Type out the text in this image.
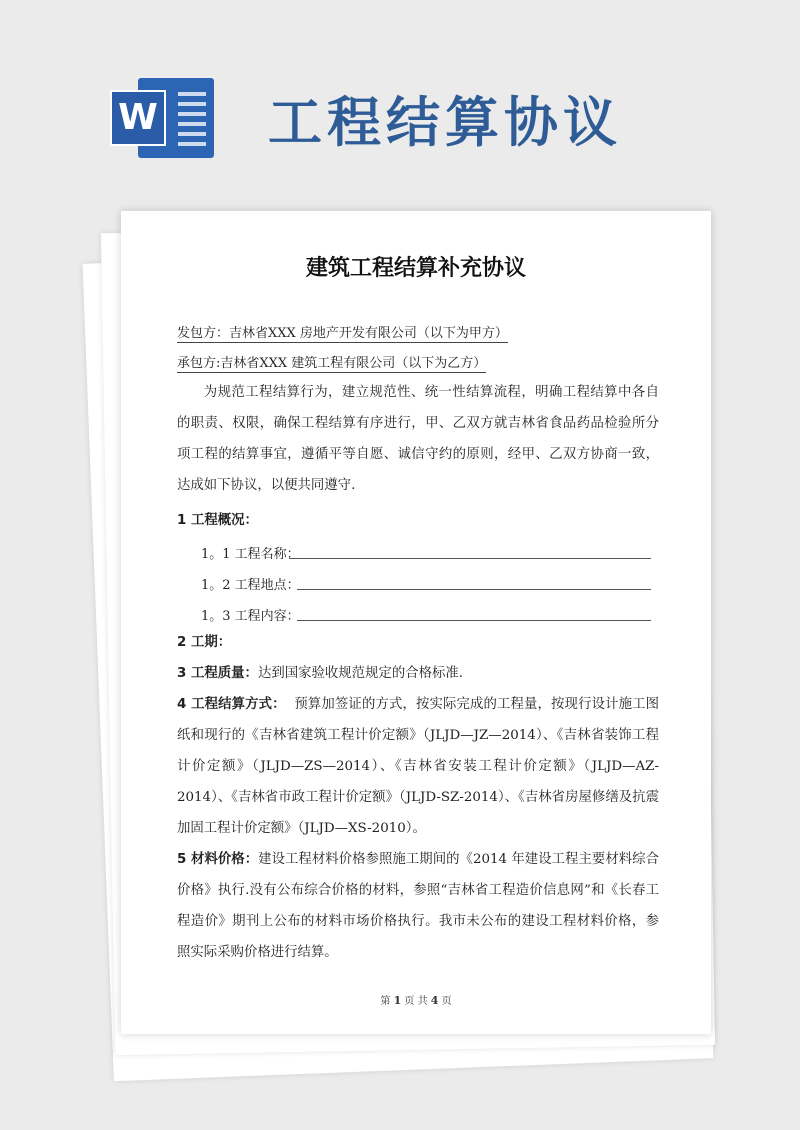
W 工程结算协议
建筑工程结算补充协议
发包方：吉林省XXX 房地产开发有限公司（以下为甲方）
承包方:吉林省XXX 建筑工程有限公司（以下为乙方）
为规范工程结算行为，建立规范性、统一性结算流程，明确工程结算中各自的职责、权限，确保工程结算有序进行，甲、乙双方就吉林省食品药品检验所分项工程的结算事宜，遵循平等自愿、诚信守约的原则，经甲、乙双方协商一致，达成如下协议，以便共同遵守.
1 工程概况：
1。1 工程名称：
1。2 工程地点：
1。3 工程内容：
2 工期：
3 工程质量：达到国家验收规范规定的合格标准.
4 工程结算方式： 预算加签证的方式，按实际完成的工程量，按现行设计施工图纸和现行的《吉林省建筑工程计价定额》（JLJD—JZ—2014）、《吉林省装饰工程计价定额》（JLJD—ZS—2014）、《吉林省安装工程计价定额》（JLJD—AZ-2014）、《吉林省市政工程计价定额》（JLJD-SZ-2014）、《吉林省房屋修缮及抗震加固工程计价定额》（JLJD—XS-2010）。
5 材料价格：建设工程材料价格参照施工期间的《2014 年建设工程主要材料综合价格》执行.没有公布综合价格的材料，参照“吉林省工程造价信息网”和《长春工程造价》期刊上公布的材料市场价格执行。我市未公布的建设工程材料价格，参照实际采购价格进行结算。
第 1 页 共 4 页
